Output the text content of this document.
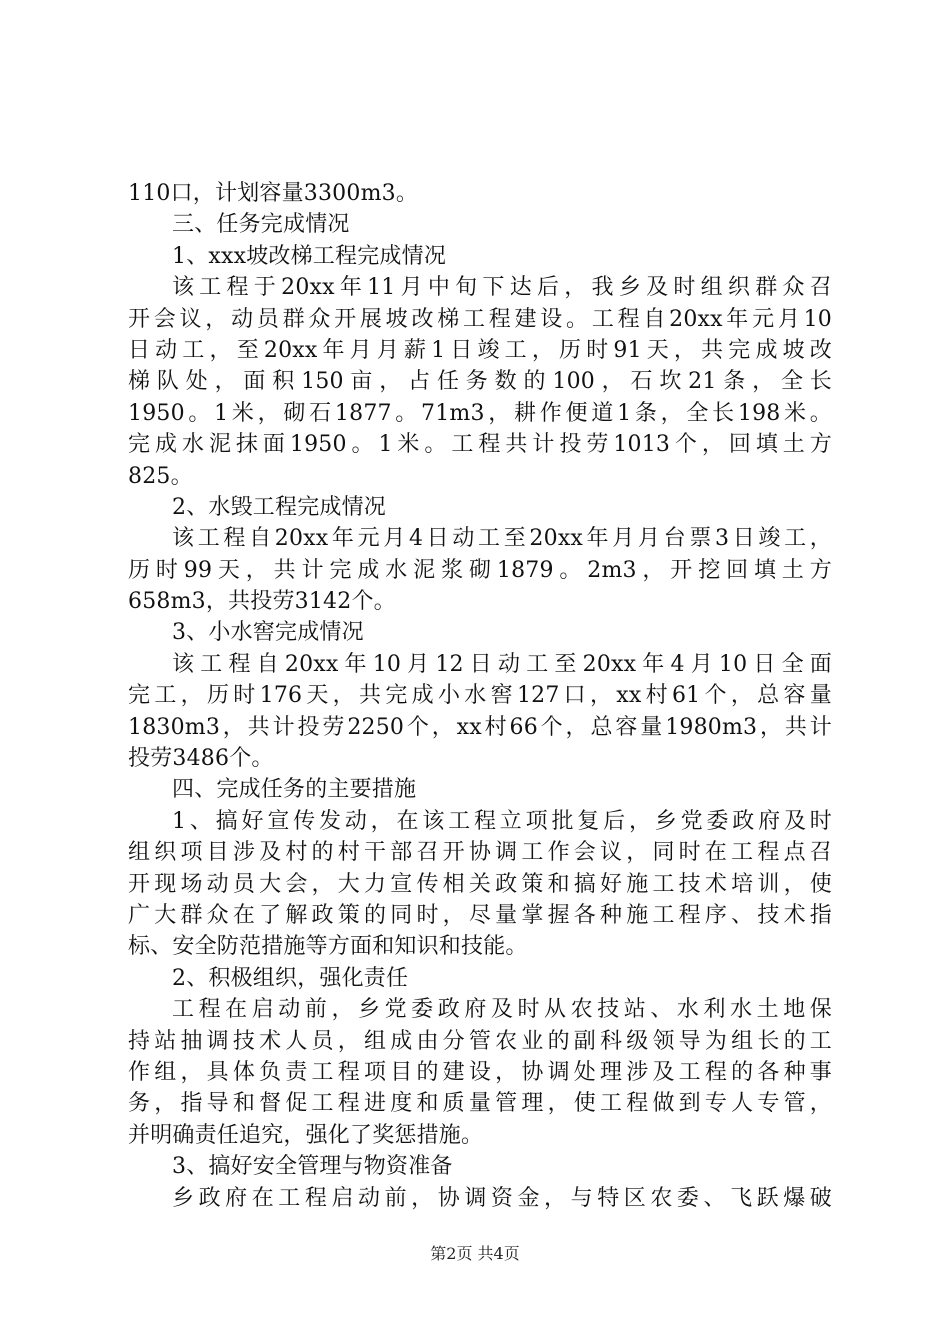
110口，计划容量3300m3。
三、任务完成情况
1、xxx坡改梯工程完成情况
该工程于20xx年11月中旬下达后，我乡及时组织群众召
开会议，动员群众开展坡改梯工程建设。工程自20xx年元月10
日动工，至20xx年月月薪1日竣工，历时91天，共完成坡改
梯队处，面积150亩，占任务数的100，石坎21条，全长
1950。1米，砌石1877。71m3，耕作便道1条，全长198米。
完成水泥抹面1950。1米。工程共计投劳1013个，回填土方
825。
2、水毁工程完成情况
该工程自20xx年元月4日动工至20xx年月月台票3日竣工，
历时99天，共计完成水泥浆砌1879。2m3，开挖回填土方
658m3，共投劳3142个。
3、小水窖完成情况
该工程自20xx年10月12日动工至20xx年4月10日全面
完工，历时176天，共完成小水窖127口，xx村61个，总容量
1830m3，共计投劳2250个，xx村66个，总容量1980m3，共计
投劳3486个。
四、完成任务的主要措施
1、搞好宣传发动，在该工程立项批复后，乡党委政府及时
组织项目涉及村的村干部召开协调工作会议，同时在工程点召
开现场动员大会，大力宣传相关政策和搞好施工技术培训，使
广大群众在了解政策的同时，尽量掌握各种施工程序、技术指
标、安全防范措施等方面和知识和技能。
2、积极组织，强化责任
工程在启动前，乡党委政府及时从农技站、水利水土地保
持站抽调技术人员，组成由分管农业的副科级领导为组长的工
作组，具体负责工程项目的建设，协调处理涉及工程的各种事
务，指导和督促工程进度和质量管理，使工程做到专人专管，
并明确责任追究，强化了奖惩措施。
3、搞好安全管理与物资准备
乡政府在工程启动前，协调资金，与特区农委、飞跃爆破
第2页 共4页
